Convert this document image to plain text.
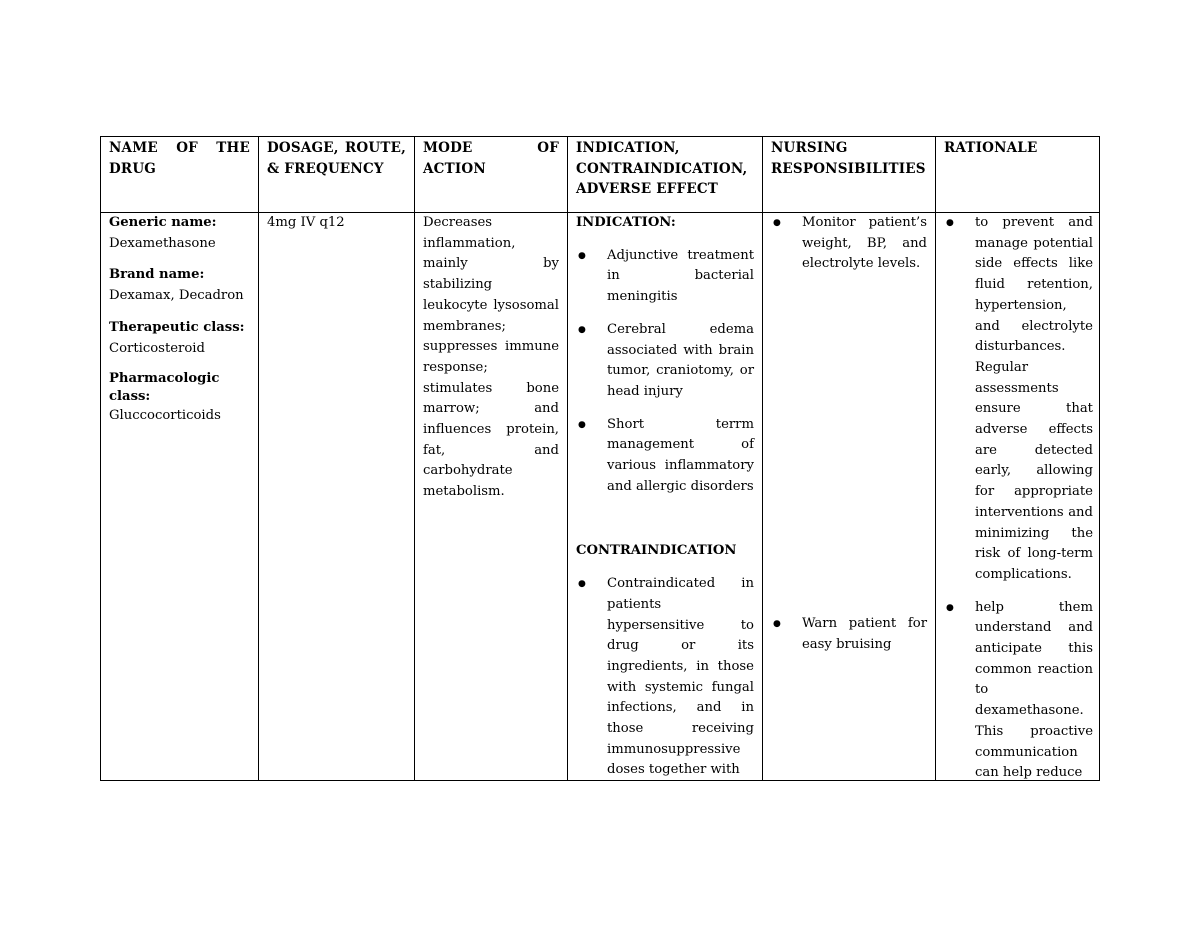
NAME OF THE DRUG
Generic name:
Dexamethasone
Brand name:
Dexamax, Decadron
Therapeutic class:
Corticosteroid
Pharmacologic class:
Gluccocorticoids
DOSAGE, ROUTE, & FREQUENCY
4mg IV q12
MODE OF ACTION
Decreases inflammation, mainly by stabilizing leukocyte lysosomal membranes; suppresses immune response; stimulates bone marrow; and influences protein, fat, and carbohydrate metabolism.
INDICATION, CONTRAINDICATION, ADVERSE EFFECT
INDICATION:
● Adjunctive treatment in bacterial meningitis
● Cerebral edema associated with brain tumor, craniotomy, or head injury
● Short terrm management of various inflammatory and allergic disorders
CONTRAINDICATION
● Contraindicated in patients hypersensitive to drug or its ingredients, in those with systemic fungal infections, and in those receiving immunosuppressive doses together with
NURSING RESPONSIBILITIES
● Monitor patient’s weight, BP, and electrolyte levels.
● Warn patient for easy bruising
RATIONALE
● to prevent and manage potential side effects like fluid retention, hypertension, and electrolyte disturbances. Regular assessments ensure that adverse effects are detected early, allowing for appropriate interventions and minimizing the risk of long-term complications.
● help them understand and anticipate this common reaction to dexamethasone. This proactive communication can help reduce
